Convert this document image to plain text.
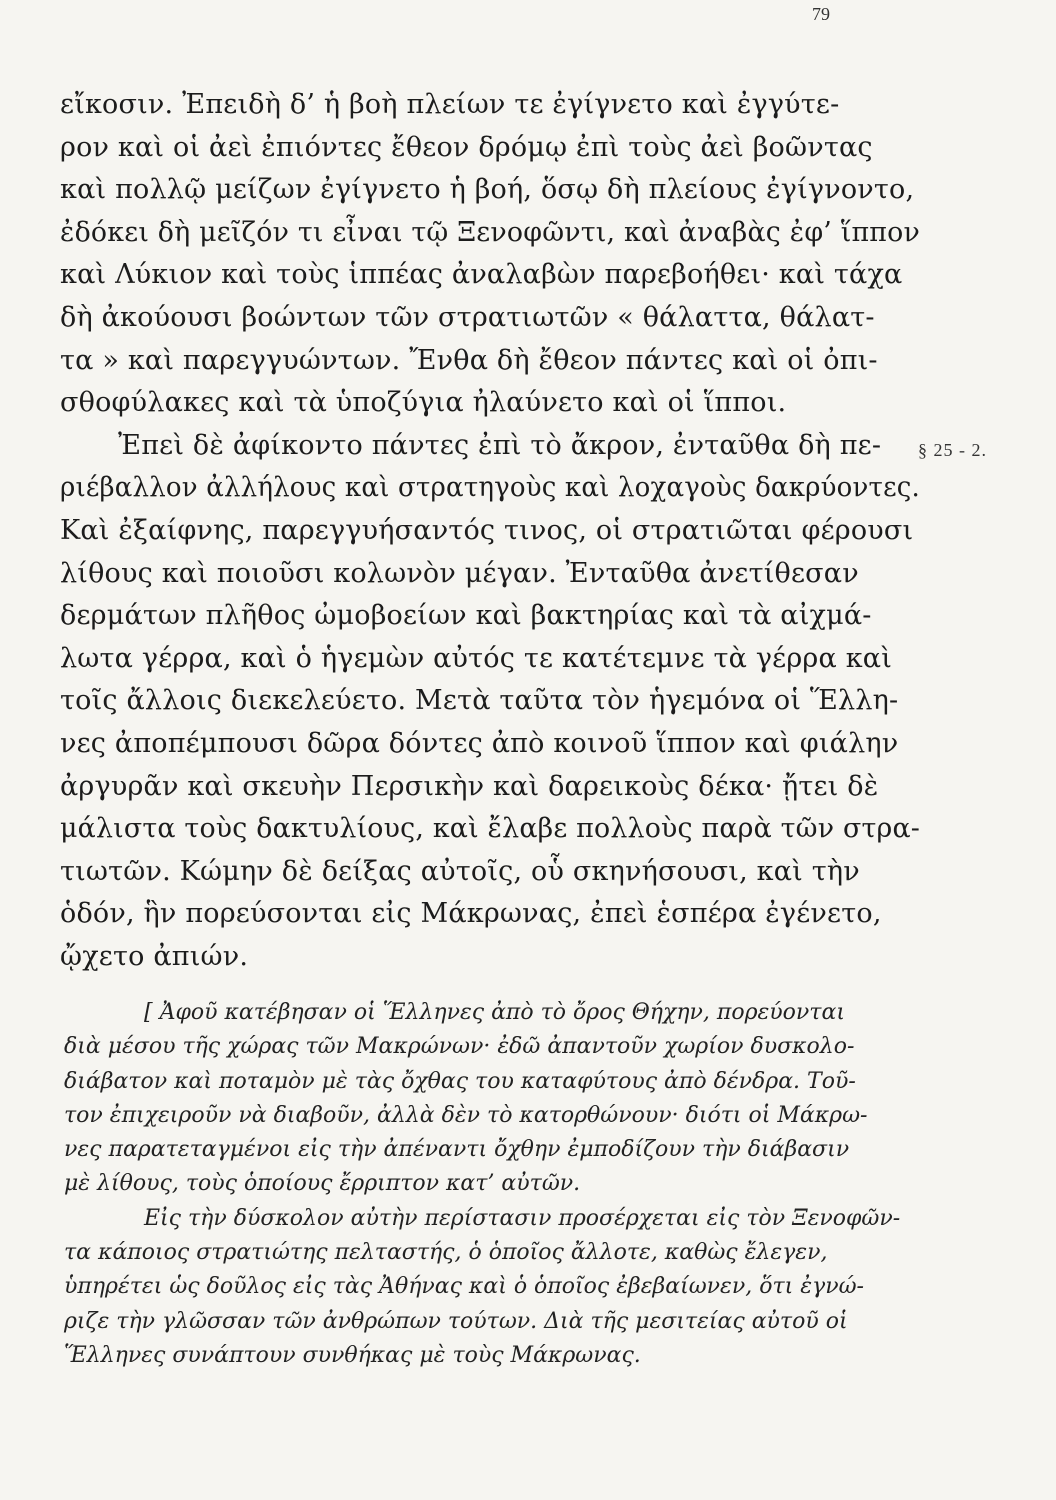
79
§ 25 - 2.
εἴκοσιν. Ἐπειδὴ δ’ ἡ βοὴ πλείων τε ἐγίγνετο καὶ ἐγγύτε-
ρον καὶ οἱ ἀεὶ ἐπιόντες ἔθεον δρόμῳ ἐπὶ τοὺς ἀεὶ βοῶντας
καὶ πολλῷ μείζων ἐγίγνετο ἡ βοή, ὅσῳ δὴ πλείους ἐγίγνοντο,
ἐδόκει δὴ μεῖζόν τι εἶναι τῷ Ξενοφῶντι, καὶ ἀναβὰς ἐφ’ ἵππον
καὶ Λύκιον καὶ τοὺς ἱππέας ἀναλαβὼν παρεβοήθει· καὶ τάχα
δὴ ἀκούουσι βοώντων τῶν στρατιωτῶν « θάλαττα, θάλατ-
τα » καὶ παρεγγυώντων. Ἔνθα δὴ ἔθεον πάντες καὶ οἱ ὀπι-
σθοφύλακες καὶ τὰ ὑποζύγια ἠλαύνετο καὶ οἱ ἵπποι.
Ἐπεὶ δὲ ἀφίκοντο πάντες ἐπὶ τὸ ἄκρον, ἐνταῦθα δὴ πε-
ριέβαλλον ἀλλήλους καὶ στρατηγοὺς καὶ λοχαγοὺς δακρύοντες.
Καὶ ἐξαίφνης, παρεγγυήσαντός τινος, οἱ στρατιῶται φέρουσι
λίθους καὶ ποιοῦσι κολωνὸν μέγαν. Ἐνταῦθα ἀνετίθεσαν
δερμάτων πλῆθος ὠμοβοείων καὶ βακτηρίας καὶ τὰ αἰχμά-
λωτα γέρρα, καὶ ὁ ἡγεμὼν αὐτός τε κατέτεμνε τὰ γέρρα καὶ
τοῖς ἄλλοις διεκελεύετο. Μετὰ ταῦτα τὸν ἡγεμόνα οἱ Ἕλλη-
νες ἀποπέμπουσι δῶρα δόντες ἀπὸ κοινοῦ ἵππον καὶ φιάλην
ἀργυρᾶν καὶ σκευὴν Περσικὴν καὶ δαρεικοὺς δέκα· ᾔτει δὲ
μάλιστα τοὺς δακτυλίους, καὶ ἔλαβε πολλοὺς παρὰ τῶν στρα-
τιωτῶν. Κώμην δὲ δείξας αὐτοῖς, οὗ σκηνήσουσι, καὶ τὴν
ὁδόν, ἣν πορεύσονται εἰς Μάκρωνας, ἐπεὶ ἑσπέρα ἐγένετο,
ᾤχετο ἀπιών.
[ Ἀφοῦ κατέβησαν οἱ Ἕλληνες ἀπὸ τὸ ὄρος Θήχην, πορεύονται
διὰ μέσου τῆς χώρας τῶν Μακρώνων· ἐδῶ ἀπαντοῦν χωρίον δυσκολο-
διάβατον καὶ ποταμὸν μὲ τὰς ὄχθας του καταφύτους ἀπὸ δένδρα. Τοῦ-
τον ἐπιχειροῦν νὰ διαβοῦν, ἀλλὰ δὲν τὸ κατορθώνουν· διότι οἱ Μάκρω-
νες παρατεταγμένοι εἰς τὴν ἀπέναντι ὄχθην ἐμποδίζουν τὴν διάβασιν
μὲ λίθους, τοὺς ὁποίους ἔρριπτον κατ’ αὐτῶν.
Εἰς τὴν δύσκολον αὐτὴν περίστασιν προσέρχεται εἰς τὸν Ξενοφῶν-
τα κάποιος στρατιώτης πελταστής, ὁ ὁποῖος ἄλλοτε, καθὼς ἔλεγεν,
ὑπηρέτει ὡς δοῦλος εἰς τὰς Ἀθήνας καὶ ὁ ὁποῖος ἐβεβαίωνεν, ὅτι ἐγνώ-
ριζε τὴν γλῶσσαν τῶν ἀνθρώπων τούτων. Διὰ τῆς μεσιτείας αὐτοῦ οἱ
Ἕλληνες συνάπτουν συνθήκας μὲ τοὺς Μάκρωνας.
